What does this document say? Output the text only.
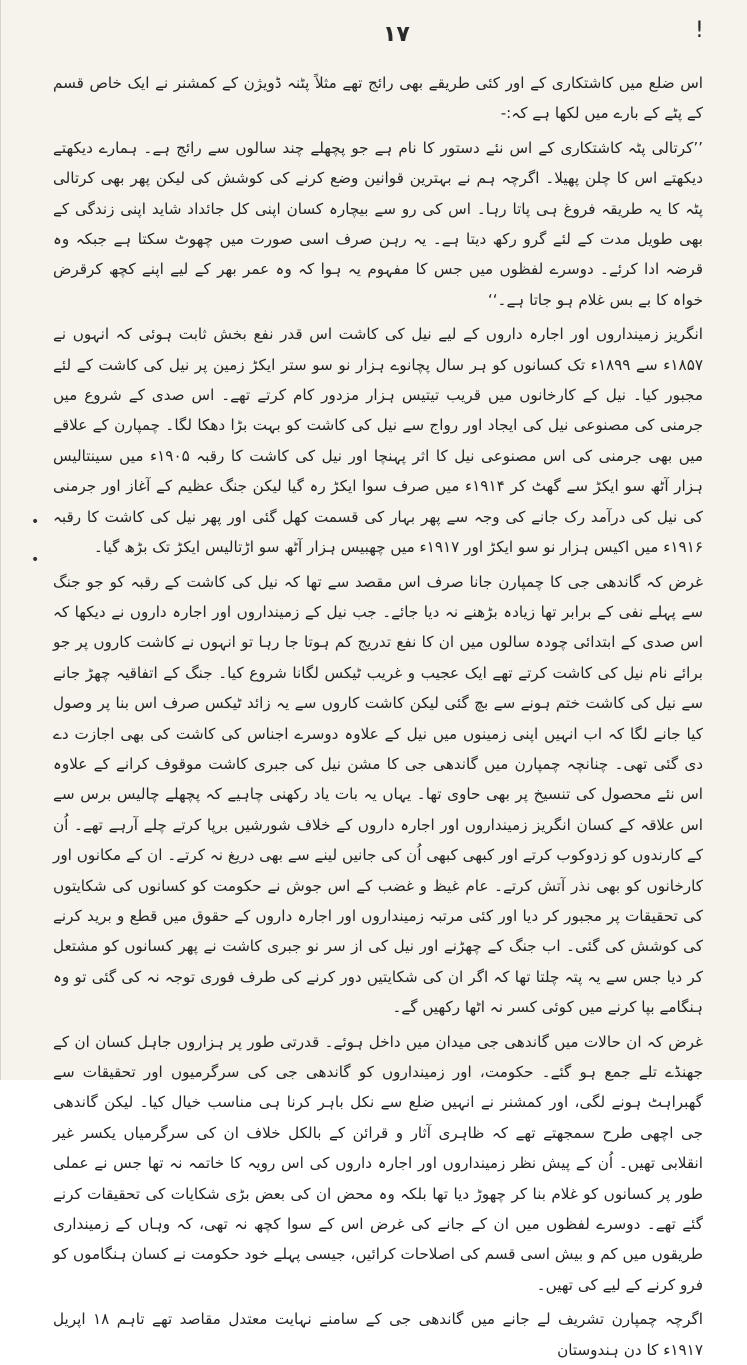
۱۷	!
•
•

اس ضلع میں کاشتکاری کے اور کئی طریقے بھی رائج تھے مثلاً پٹنہ ڈویژن کے کمشنر نے ایک خاص قسم کے پٹے کے بارے میں لکھا ہے کہ:-

’’کرتالی پٹہ کاشتکاری کے اس نئے دستور کا نام ہے جو پچھلے چند سالوں سے رائج ہے۔ ہمارے دیکھتے دیکھتے اس کا چلن پھیلا۔ اگرچہ ہم نے بہترین قوانین وضع کرنے کی کوشش کی لیکن پھر بھی کرتالی پٹہ کا یہ طریقہ فروغ ہی پاتا رہا۔ اس کی رو سے بیچارہ کسان اپنی کل جائداد شاید اپنی زندگی کے بھی طویل مدت کے لئے گرو رکھ دیتا ہے۔ یہ رہن صرف اسی صورت میں چھوٹ سکتا ہے جبکہ وہ قرضہ ادا کرئے۔ دوسرے لفظوں میں جس کا مفہوم یہ ہوا کہ وہ عمر بھر کے لیے اپنے کچھ کرقرض خواہ کا بے بس غلام ہو جاتا ہے۔‘‘

انگریز زمینداروں اور اجارہ داروں کے لیے نیل کی کاشت اس قدر نفع بخش ثابت ہوئی کہ انہوں نے ۱۸۵۷ء سے ۱۸۹۹ء تک کسانوں کو ہر سال پچانوے ہزار نو سو ستر ایکڑ زمین پر نیل کی کاشت کے لئے مجبور کیا۔ نیل کے کارخانوں میں قریب تیتیس ہزار مزدور کام کرتے تھے۔ اس صدی کے شروع میں جرمنی کی مصنوعی نیل کی ایجاد اور رواج سے نیل کی کاشت کو بہت بڑا دھکا لگا۔ چمپارن کے علاقے میں بھی جرمنی کی اس مصنوعی نیل کا اثر پہنچا اور نیل کی کاشت کا رقبہ ۱۹۰۵ء میں سینتالیس ہزار آٹھ سو ایکڑ سے گھٹ کر ۱۹۱۴ء میں صرف سوا ایکڑ رہ گیا لیکن جنگ عظیم کے آغاز اور جرمنی کی نیل کی درآمد رک جانے کی وجہ سے پھر بہار کی قسمت کھل گئی اور پھر نیل کی کاشت کا رقبہ ۱۹۱۶ء میں اکیس ہزار نو سو ایکڑ اور ۱۹۱۷ء میں چھبیس ہزار آٹھ سو اڑتالیس ایکڑ تک بڑھ گیا۔

غرض کہ گاندھی جی کا چمپارن جانا صرف اس مقصد سے تھا کہ نیل کی کاشت کے رقبہ کو جو جنگ سے پہلے نفی کے برابر تھا زیادہ بڑھنے نہ دیا جائے۔ جب نیل کے زمینداروں اور اجارہ داروں نے دیکھا کہ اس صدی کے ابتدائی چودہ سالوں میں ان کا نفع تدریج کم ہوتا جا رہا تو انہوں نے کاشت کاروں پر جو برائے نام نیل کی کاشت کرتے تھے ایک عجیب و غریب ٹیکس لگانا شروع کیا۔ جنگ کے اتفاقیہ چھڑ جانے سے نیل کی کاشت ختم ہونے سے بچ گئی لیکن کاشت کاروں سے یہ زائد ٹیکس صرف اس بنا پر وصول کیا جانے لگا کہ اب انہیں اپنی زمینوں میں نیل کے علاوہ دوسرے اجناس کی کاشت کی بھی اجازت دے دی گئی تھی۔ چنانچہ چمپارن میں گاندھی جی کا مشن نیل کی جبری کاشت موقوف کرانے کے علاوہ اس نئے محصول کی تنسیخ پر بھی حاوی تھا۔ یہاں یہ بات یاد رکھنی چاہیے کہ پچھلے چالیس برس سے اس علاقہ کے کسان انگریز زمینداروں اور اجارہ داروں کے خلاف شورشیں برپا کرتے چلے آرہے تھے۔ اُن کے کارندوں کو زدوکوب کرتے اور کبھی کبھی اُن کی جانیں لینے سے بھی دریغ نہ کرتے۔ ان کے مکانوں اور کارخانوں کو بھی نذر آتش کرتے۔ عام غیظ و غضب کے اس جوش نے حکومت کو کسانوں کی شکایتوں کی تحقیقات پر مجبور کر دیا اور کئی مرتبہ زمینداروں اور اجارہ داروں کے حقوق میں قطع و برید کرنے کی کوشش کی گئی۔ اب جنگ کے چھڑنے اور نیل کی از سر نو جبری کاشت نے پھر کسانوں کو مشتعل کر دیا جس سے یہ پتہ چلتا تھا کہ اگر ان کی شکایتیں دور کرنے کی طرف فوری توجہ نہ کی گئی تو وہ ہنگامے بپا کرنے میں کوئی کسر نہ اٹھا رکھیں گے۔

غرض کہ ان حالات میں گاندھی جی میدان میں داخل ہوئے۔ قدرتی طور پر ہزاروں جاہل کسان ان کے جھنڈے تلے جمع ہو گئے۔ حکومت، اور زمینداروں کو گاندھی جی کی سرگرمیوں اور تحقیقات سے گھبراہٹ ہونے لگی، اور کمشنر نے انہیں ضلع سے نکل باہر کرنا ہی مناسب خیال کیا۔ لیکن گاندھی جی اچھی طرح سمجھتے تھے کہ ظاہری آثار و قرائن کے بالکل خلاف ان کی سرگرمیاں یکسر غیر انقلابی تھیں۔ اُن کے پیش نظر زمینداروں اور اجارہ داروں کی اس رویہ کا خاتمہ نہ تھا جس نے عملی طور پر کسانوں کو غلام بنا کر چھوڑ دیا تھا بلکہ وہ محض ان کی بعض بڑی شکایات کی تحقیقات کرنے گئے تھے۔ دوسرے لفظوں میں ان کے جانے کی غرض اس کے سوا کچھ نہ تھی، کہ وہاں کے زمینداری طریقوں میں کم و بیش اسی قسم کی اصلاحات کرائیں، جیسی پہلے خود حکومت نے کسان ہنگاموں کو فرو کرنے کے لیے کی تھیں۔

اگرچہ چمپارن تشریف لے جانے میں گاندھی جی کے سامنے نہایت معتدل مقاصد تھے تاہم ۱۸ اپریل ۱۹۱۷ء کا دن ہندوستان
